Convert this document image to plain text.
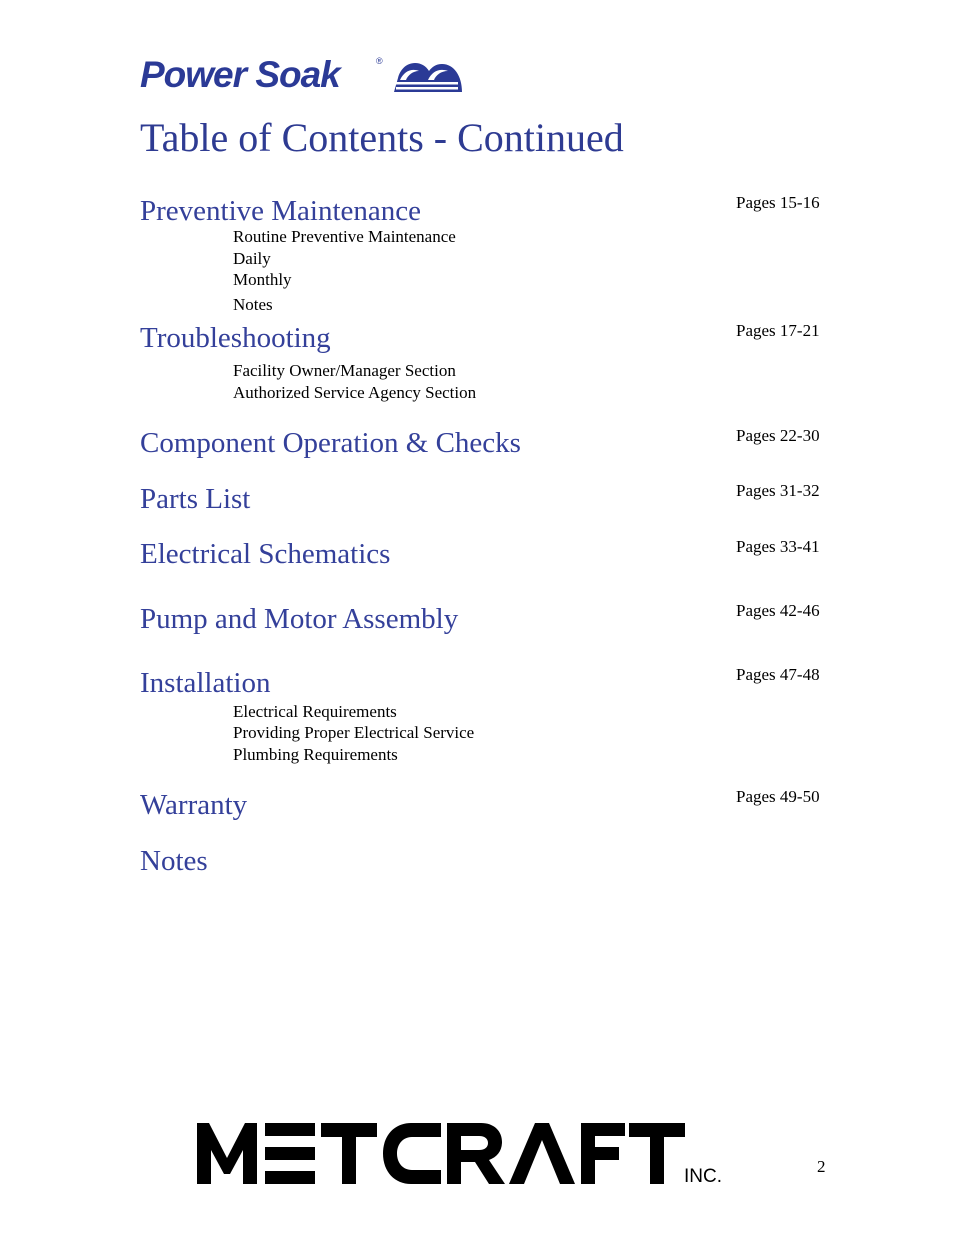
Power Soak	®
Table of Contents - Continued
Preventive Maintenance	Pages 15-16
Routine Preventive Maintenance
Daily
Monthly
Notes
Troubleshooting	Pages 17-21
Facility Owner/Manager Section
Authorized Service Agency Section
Component Operation & Checks	Pages 22-30
Parts List	Pages 31-32
Electrical Schematics	Pages 33-41
Pump and Motor Assembly	Pages 42-46
Installation	Pages 47-48
Electrical Requirements
Providing Proper Electrical Service
Plumbing Requirements
Warranty	Pages 49-50
Notes
INC.	2
